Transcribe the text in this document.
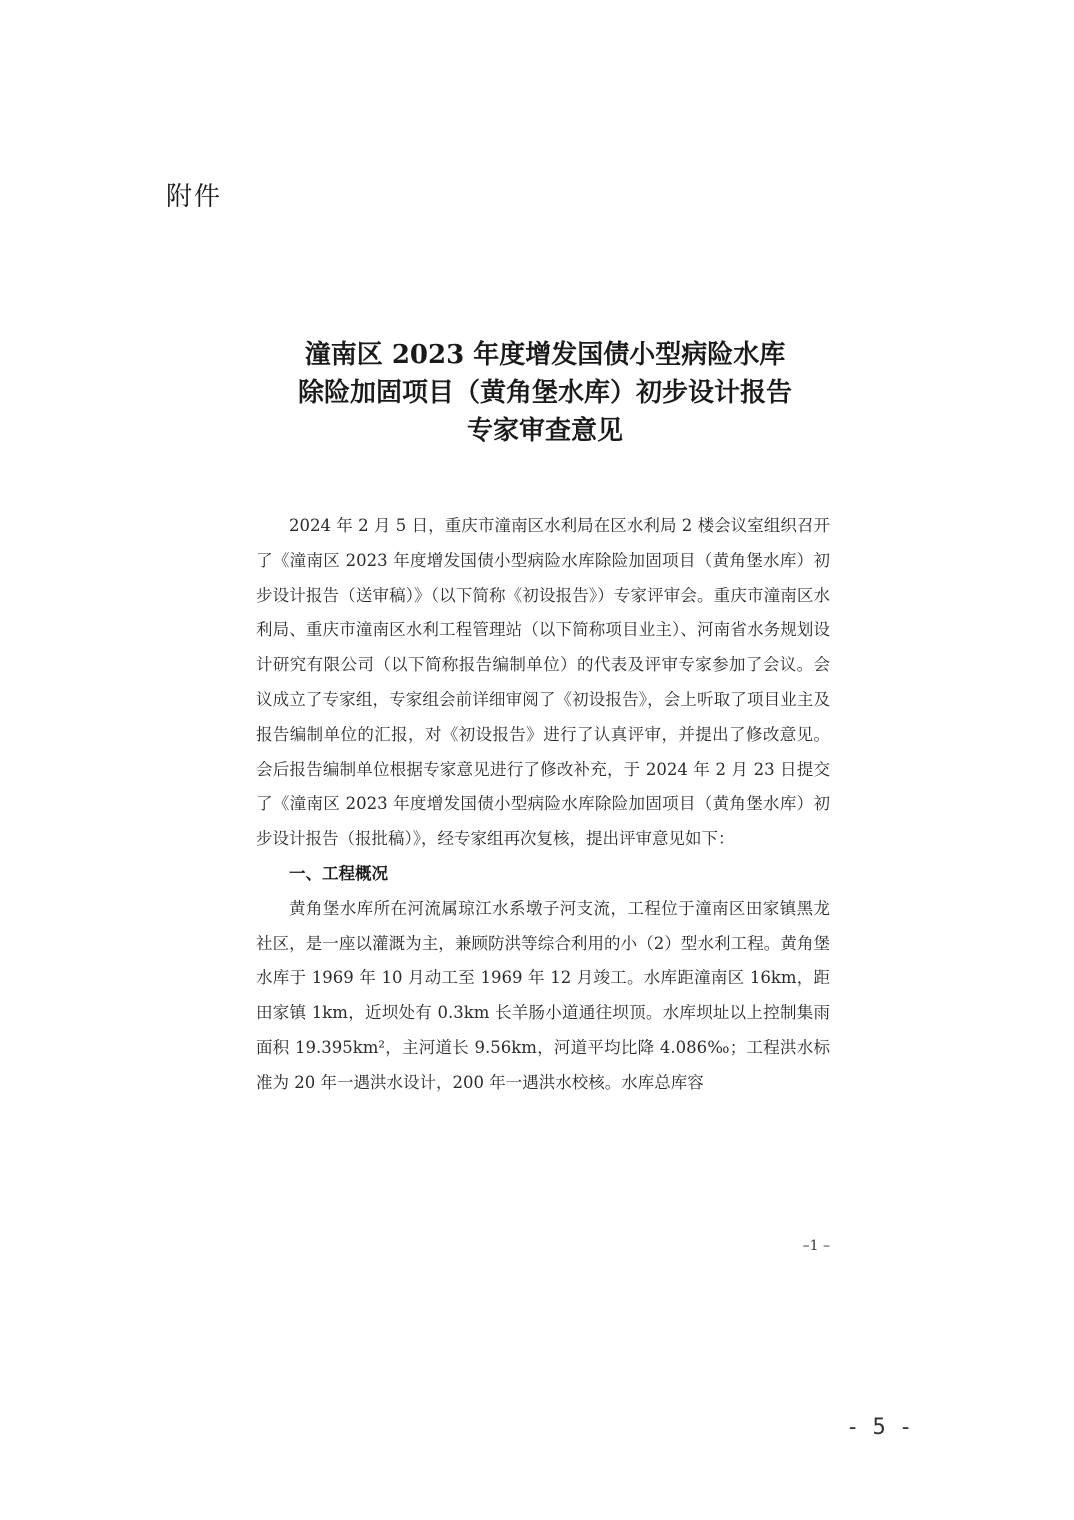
附件
潼南区 2023 年度增发国债小型病险水库
除险加固项目（黄角堡水库）初步设计报告
专家审查意见

2024 年 2 月 5 日，重庆市潼南区水利局在区水利局 2 楼会议室组织召开了《潼南区 2023 年度增发国债小型病险水库除险加固项目（黄角堡水库）初步设计报告（送审稿）》（以下简称《初设报告》）专家评审会。重庆市潼南区水利局、重庆市潼南区水利工程管理站（以下简称项目业主）、河南省水务规划设计研究有限公司（以下简称报告编制单位）的代表及评审专家参加了会议。会议成立了专家组，专家组会前详细审阅了《初设报告》，会上听取了项目业主及报告编制单位的汇报，对《初设报告》进行了认真评审，并提出了修改意见。会后报告编制单位根据专家意见进行了修改补充，于 2024 年 2 月 23 日提交了《潼南区 2023 年度增发国债小型病险水库除险加固项目（黄角堡水库）初步设计报告（报批稿）》，经专家组再次复核，提出评审意见如下：

一、工程概况

黄角堡水库所在河流属琼江水系墩子河支流，工程位于潼南区田家镇黑龙社区，是一座以灌溉为主，兼顾防洪等综合利用的小（2）型水利工程。黄角堡水库于 1969 年 10 月动工至 1969 年 12 月竣工。水库距潼南区 16km，距田家镇 1km，近坝处有 0.3km 长羊肠小道通往坝顶。水库坝址以上控制集雨面积 19.395km²，主河道长 9.56km，河道平均比降 4.086‰；工程洪水标准为 20 年一遇洪水设计，200 年一遇洪水校核。水库总库容

–1 –
- 5 -
